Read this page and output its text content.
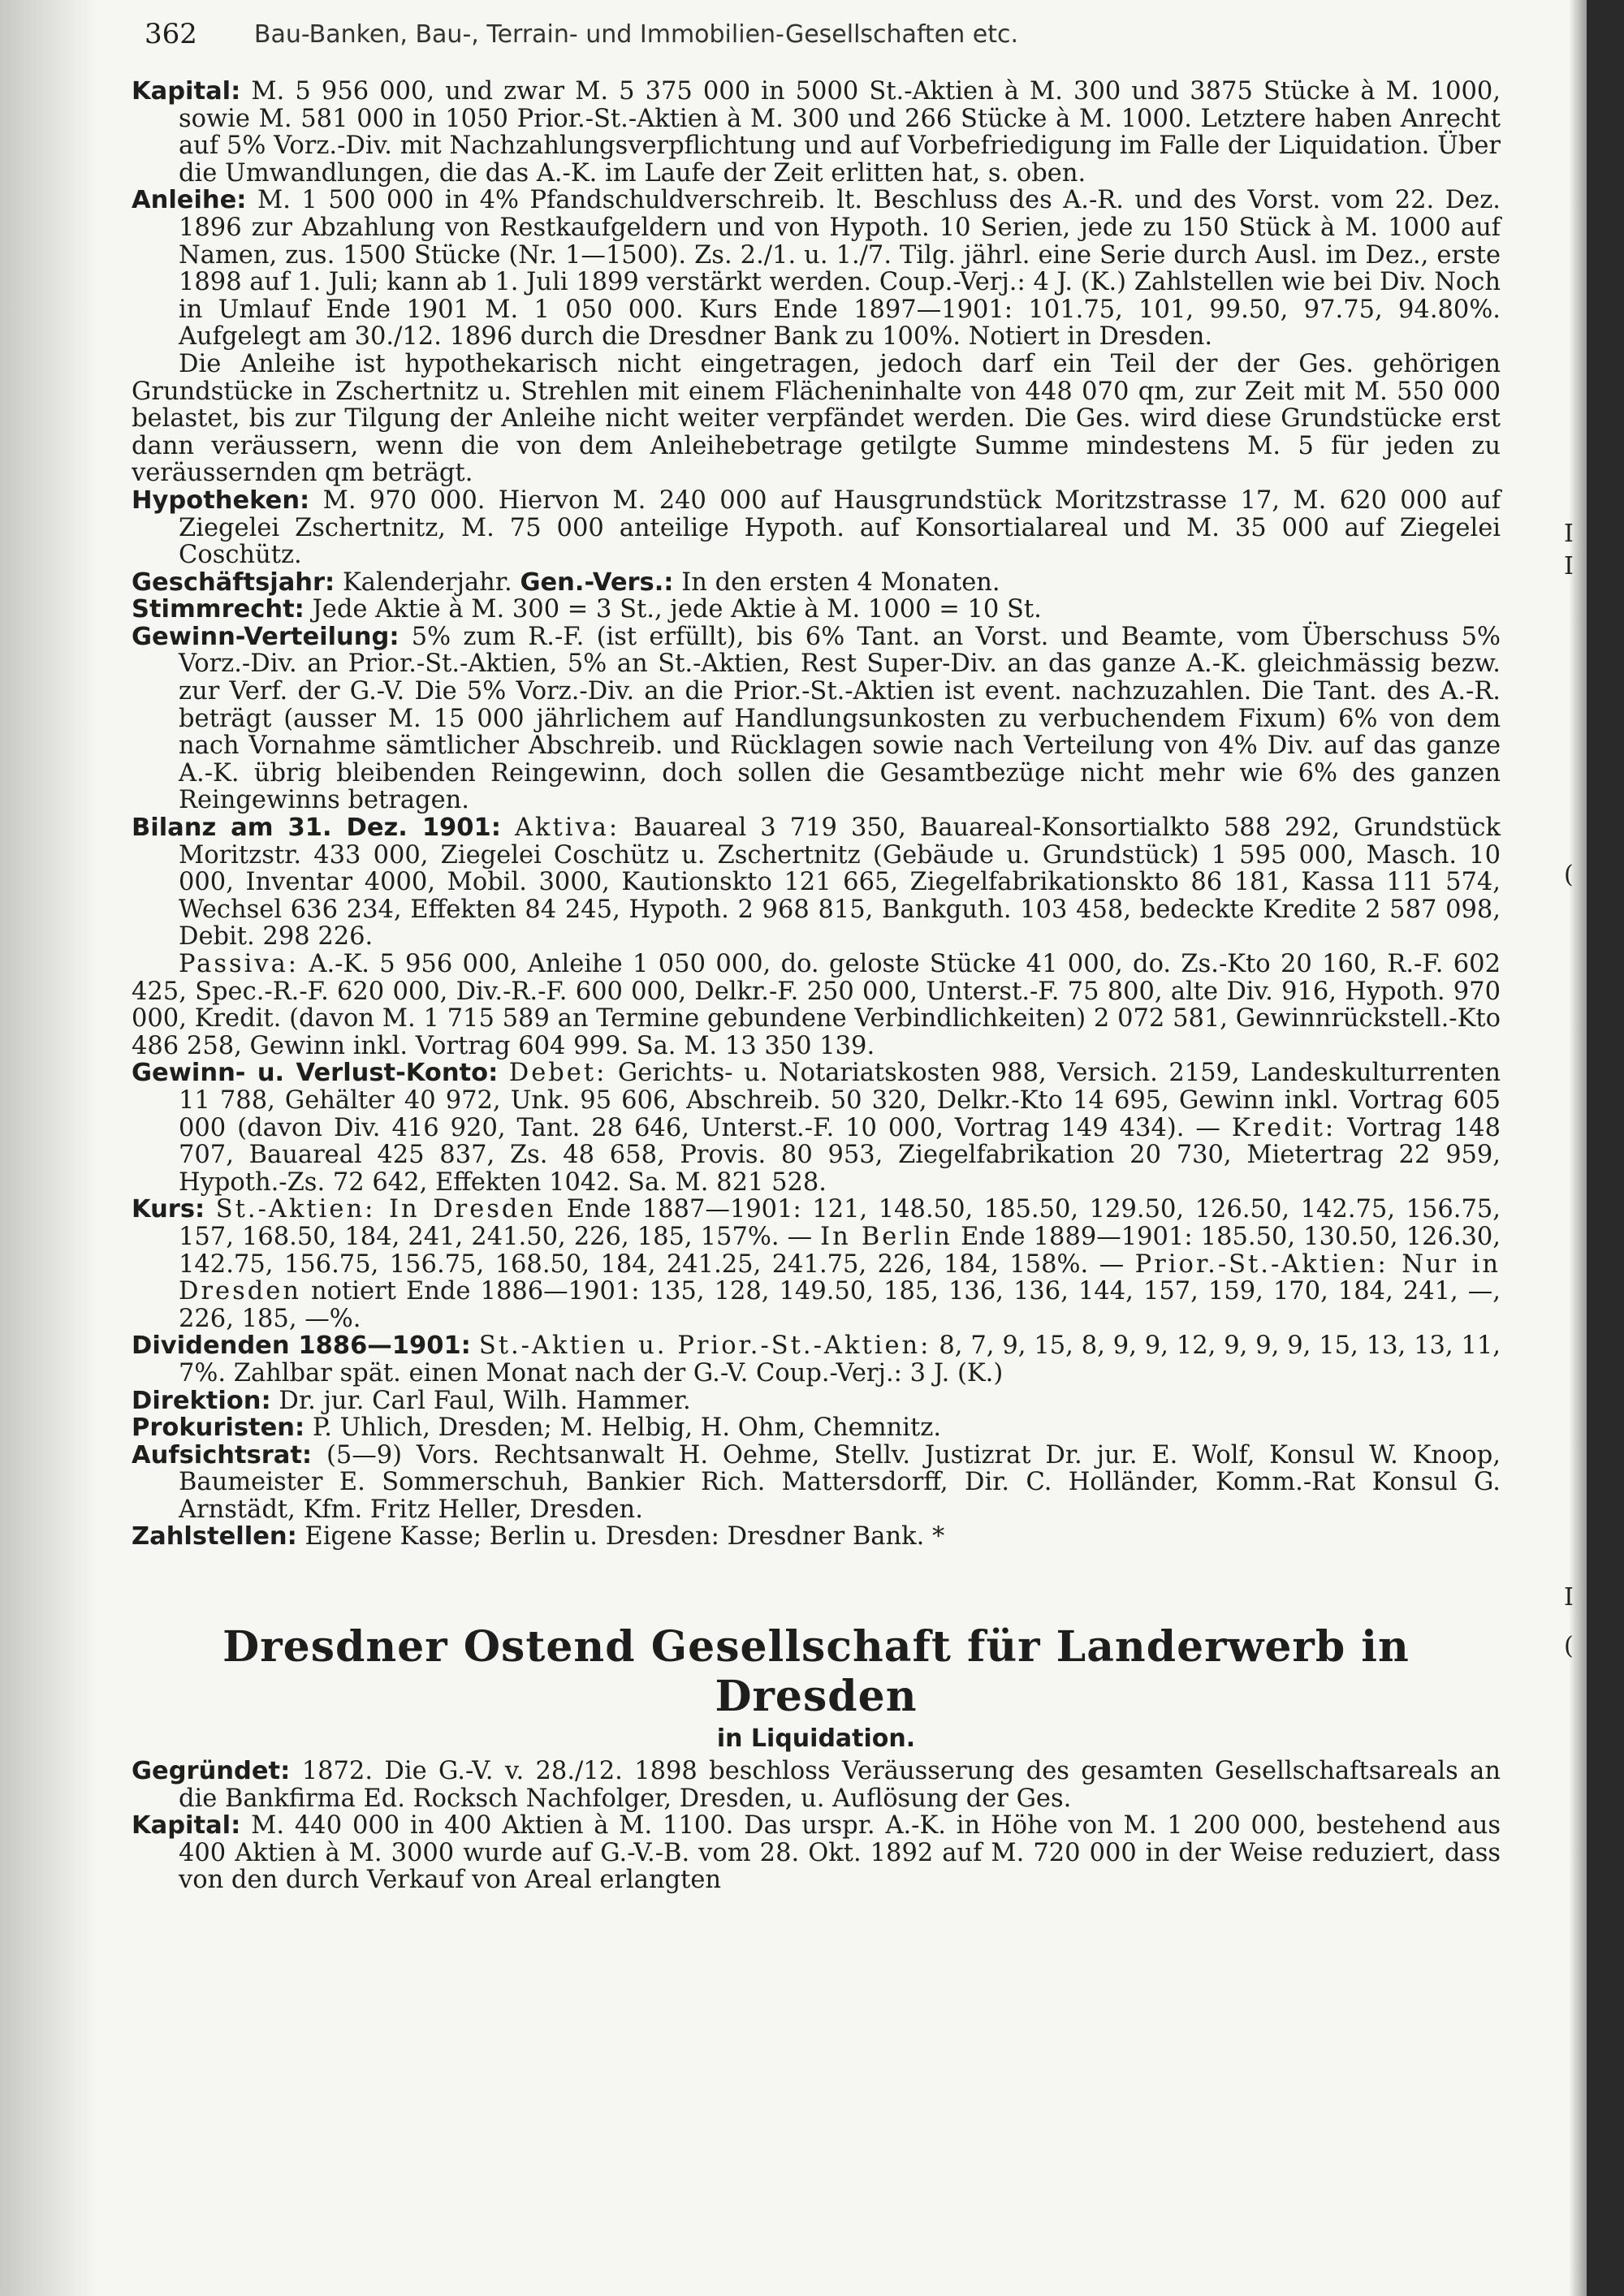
362 Bau-Banken, Bau-, Terrain- und Immobilien-Gesellschaften etc.

Kapital: M. 5 956 000, und zwar M. 5 375 000 in 5000 St.-Aktien à M. 300 und 3875 Stücke à M. 1000, sowie M. 581 000 in 1050 Prior.-St.-Aktien à M. 300 und 266 Stücke à M. 1000. Letztere haben Anrecht auf 5% Vorz.-Div. mit Nachzahlungsverpflichtung und auf Vorbefriedigung im Falle der Liquidation. Über die Umwandlungen, die das A.-K. im Laufe der Zeit erlitten hat, s. oben.

Anleihe: M. 1 500 000 in 4% Pfandschuldverschreib. lt. Beschluss des A.-R. und des Vorst. vom 22. Dez. 1896 zur Abzahlung von Restkaufgeldern und von Hypoth. 10 Serien, jede zu 150 Stück à M. 1000 auf Namen, zus. 1500 Stücke (Nr. 1—1500). Zs. 2./1. u. 1./7. Tilg. jährl. eine Serie durch Ausl. im Dez., erste 1898 auf 1. Juli; kann ab 1. Juli 1899 verstärkt werden. Coup.-Verj.: 4 J. (K.) Zahlstellen wie bei Div. Noch in Umlauf Ende 1901 M. 1 050 000. Kurs Ende 1897—1901: 101.75, 101, 99.50, 97.75, 94.80%. Aufgelegt am 30./12. 1896 durch die Dresdner Bank zu 100%. Notiert in Dresden.

Die Anleihe ist hypothekarisch nicht eingetragen, jedoch darf ein Teil der der Ges. gehörigen Grundstücke in Zschertnitz u. Strehlen mit einem Flächeninhalte von 448 070 qm, zur Zeit mit M. 550 000 belastet, bis zur Tilgung der Anleihe nicht weiter verpfändet werden. Die Ges. wird diese Grundstücke erst dann veräussern, wenn die von dem Anleihebetrage getilgte Summe mindestens M. 5 für jeden zu veräussernden qm beträgt.

Hypotheken: M. 970 000. Hiervon M. 240 000 auf Hausgrundstück Moritzstrasse 17, M. 620 000 auf Ziegelei Zschertnitz, M. 75 000 anteilige Hypoth. auf Konsortialareal und M. 35 000 auf Ziegelei Coschütz.

Geschäftsjahr: Kalenderjahr. Gen.-Vers.: In den ersten 4 Monaten.

Stimmrecht: Jede Aktie à M. 300 = 3 St., jede Aktie à M. 1000 = 10 St.

Gewinn-Verteilung: 5% zum R.-F. (ist erfüllt), bis 6% Tant. an Vorst. und Beamte, vom Überschuss 5% Vorz.-Div. an Prior.-St.-Aktien, 5% an St.-Aktien, Rest Super-Div. an das ganze A.-K. gleichmässig bezw. zur Verf. der G.-V. Die 5% Vorz.-Div. an die Prior.-St.-Aktien ist event. nachzuzahlen. Die Tant. des A.-R. beträgt (ausser M. 15 000 jährlichem auf Handlungsunkosten zu verbuchendem Fixum) 6% von dem nach Vornahme sämtlicher Abschreib. und Rücklagen sowie nach Verteilung von 4% Div. auf das ganze A.-K. übrig bleibenden Reingewinn, doch sollen die Gesamtbezüge nicht mehr wie 6% des ganzen Reingewinns betragen.

Bilanz am 31. Dez. 1901: Aktiva: Bauareal 3 719 350, Bauareal-Konsortialkto 588 292, Grundstück Moritzstr. 433 000, Ziegelei Coschütz u. Zschertnitz (Gebäude u. Grundstück) 1 595 000, Masch. 10 000, Inventar 4000, Mobil. 3000, Kautionskto 121 665, Ziegelfabrikationskto 86 181, Kassa 111 574, Wechsel 636 234, Effekten 84 245, Hypoth. 2 968 815, Bankguth. 103 458, bedeckte Kredite 2 587 098, Debit. 298 226.

Passiva: A.-K. 5 956 000, Anleihe 1 050 000, do. geloste Stücke 41 000, do. Zs.-Kto 20 160, R.-F. 602 425, Spec.-R.-F. 620 000, Div.-R.-F. 600 000, Delkr.-F. 250 000, Unterst.-F. 75 800, alte Div. 916, Hypoth. 970 000, Kredit. (davon M. 1 715 589 an Termine gebundene Verbindlichkeiten) 2 072 581, Gewinnrückstell.-Kto 486 258, Gewinn inkl. Vortrag 604 999. Sa. M. 13 350 139.

Gewinn- u. Verlust-Konto: Debet: Gerichts- u. Notariatskosten 988, Versich. 2159, Landeskulturrenten 11 788, Gehälter 40 972, Unk. 95 606, Abschreib. 50 320, Delkr.-Kto 14 695, Gewinn inkl. Vortrag 605 000 (davon Div. 416 920, Tant. 28 646, Unterst.-F. 10 000, Vortrag 149 434). — Kredit: Vortrag 148 707, Bauareal 425 837, Zs. 48 658, Provis. 80 953, Ziegelfabrikation 20 730, Mietertrag 22 959, Hypoth.-Zs. 72 642, Effekten 1042. Sa. M. 821 528.

Kurs: St.-Aktien: In Dresden Ende 1887—1901: 121, 148.50, 185.50, 129.50, 126.50, 142.75, 156.75, 157, 168.50, 184, 241, 241.50, 226, 185, 157%. — In Berlin Ende 1889—1901: 185.50, 130.50, 126.30, 142.75, 156.75, 156.75, 168.50, 184, 241.25, 241.75, 226, 184, 158%. — Prior.-St.-Aktien: Nur in Dresden notiert Ende 1886—1901: 135, 128, 149.50, 185, 136, 136, 144, 157, 159, 170, 184, 241, —, 226, 185, —%.

Dividenden 1886—1901: St.-Aktien u. Prior.-St.-Aktien: 8, 7, 9, 15, 8, 9, 9, 12, 9, 9, 9, 15, 13, 13, 11, 7%. Zahlbar spät. einen Monat nach der G.-V. Coup.-Verj.: 3 J. (K.)

Direktion: Dr. jur. Carl Faul, Wilh. Hammer.

Prokuristen: P. Uhlich, Dresden; M. Helbig, H. Ohm, Chemnitz.

Aufsichtsrat: (5—9) Vors. Rechtsanwalt H. Oehme, Stellv. Justizrat Dr. jur. E. Wolf, Konsul W. Knoop, Baumeister E. Sommerschuh, Bankier Rich. Mattersdorff, Dir. C. Holländer, Komm.-Rat Konsul G. Arnstädt, Kfm. Fritz Heller, Dresden.

Zahlstellen: Eigene Kasse; Berlin u. Dresden: Dresdner Bank. *

Dresdner Ostend Gesellschaft für Landerwerb in Dresden
in Liquidation.

Gegründet: 1872. Die G.-V. v. 28./12. 1898 beschloss Veräusserung des gesamten Gesellschaftsareals an die Bankfirma Ed. Rocksch Nachfolger, Dresden, u. Auflösung der Ges.

Kapital: M. 440 000 in 400 Aktien à M. 1100. Das urspr. A.-K. in Höhe von M. 1 200 000, bestehend aus 400 Aktien à M. 3000 wurde auf G.-V.-B. vom 28. Okt. 1892 auf M. 720 000 in der Weise reduziert, dass von den durch Verkauf von Areal erlangten

I
I
(
I
(
